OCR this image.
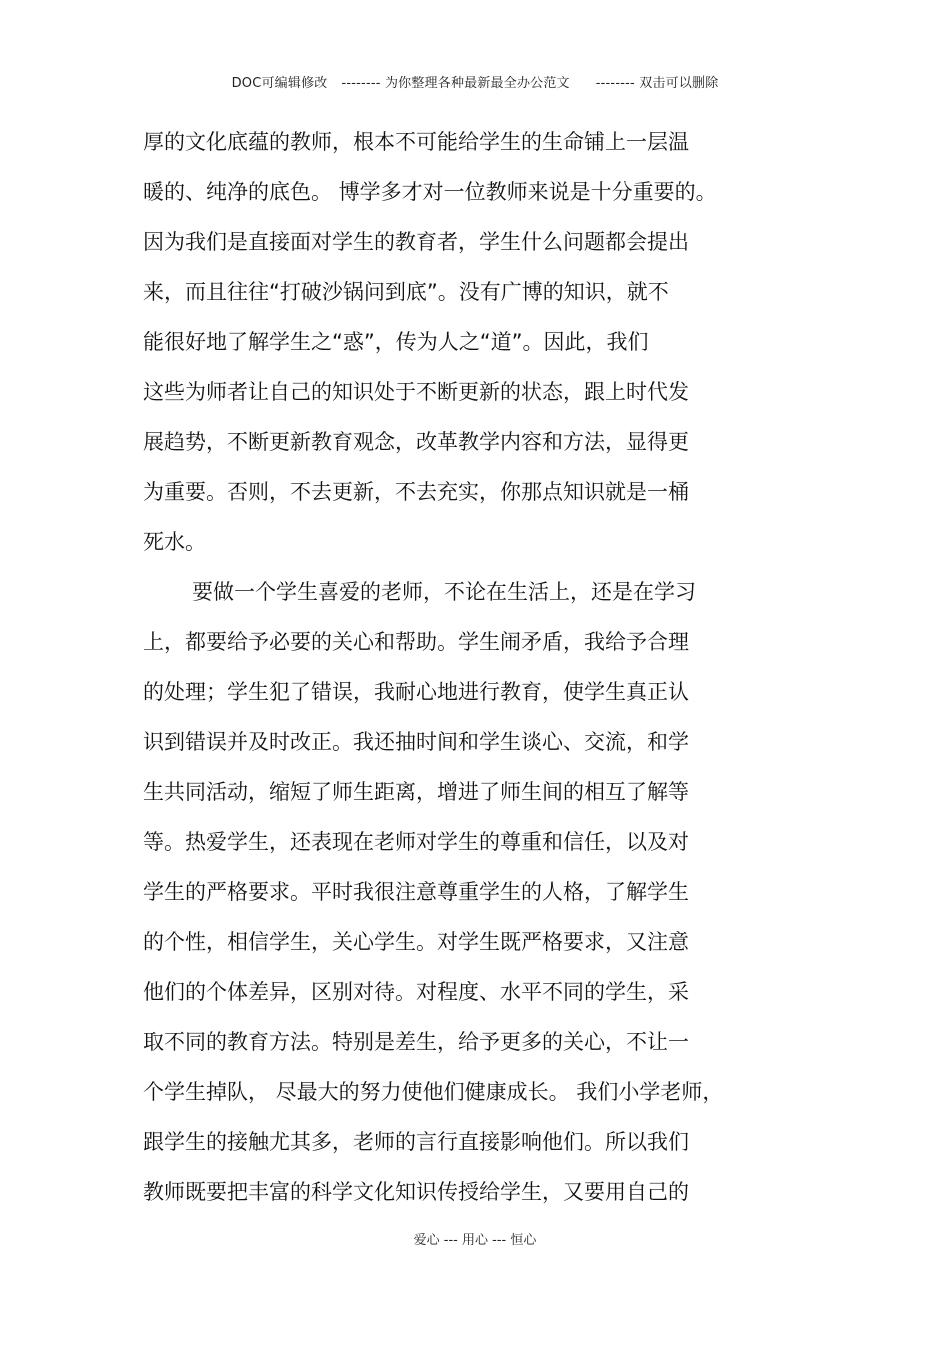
DOC可编辑修改 -------- 为你整理各种最新最全办公范文 -------- 双击可以删除
厚的文化底蕴的教师，根本不可能给学生的生命铺上一层温
暖的、纯净的底色。 博学多才对一位教师来说是十分重要的。
因为我们是直接面对学生的教育者，学生什么问题都会提出
来，而且往往“打破沙锅问到底”。没有广博的知识，就不
能很好地了解学生之“惑”，传为人之“道”。因此，我们
这些为师者让自己的知识处于不断更新的状态，跟上时代发
展趋势，不断更新教育观念，改革教学内容和方法，显得更
为重要。否则，不去更新，不去充实，你那点知识就是一桶
死水。
要做一个学生喜爱的老师，不论在生活上，还是在学习
上，都要给予必要的关心和帮助。学生闹矛盾，我给予合理
的处理；学生犯了错误，我耐心地进行教育，使学生真正认
识到错误并及时改正。我还抽时间和学生谈心、交流，和学
生共同活动，缩短了师生距离，增进了师生间的相互了解等
等。热爱学生，还表现在老师对学生的尊重和信任，以及对
学生的严格要求。平时我很注意尊重学生的人格，了解学生
的个性，相信学生，关心学生。对学生既严格要求，又注意
他们的个体差异，区别对待。对程度、水平不同的学生，采
取不同的教育方法。特别是差生，给予更多的关心，不让一
个学生掉队， 尽最大的努力使他们健康成长。 我们小学老师，
跟学生的接触尤其多，老师的言行直接影响他们。所以我们
教师既要把丰富的科学文化知识传授给学生，又要用自己的
爱心 --- 用心 --- 恒心
